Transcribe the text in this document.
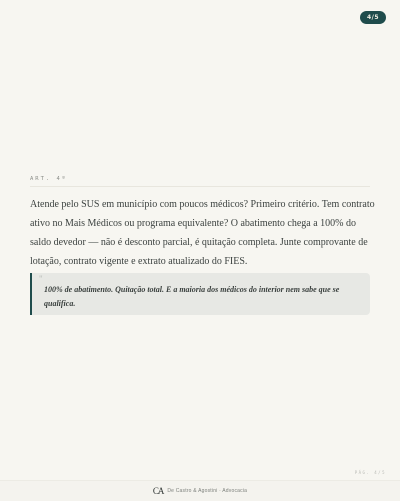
4/5
ART. 4º

Atende pelo SUS em município com poucos médicos? Primeiro critério. Tem contrato ativo no Mais Médicos ou programa equivalente? O abatimento chega a 100% do saldo devedor — não é desconto parcial, é quitação completa. Junte comprovante de lotação, contrato vigente e extrato atualizado do FIES.

"

100% de abatimento. Quitação total. E a maioria dos médicos do interior nem sabe que se qualifica.

PÁG. 4/5
CA De Castro & Agostini · Advocacia
